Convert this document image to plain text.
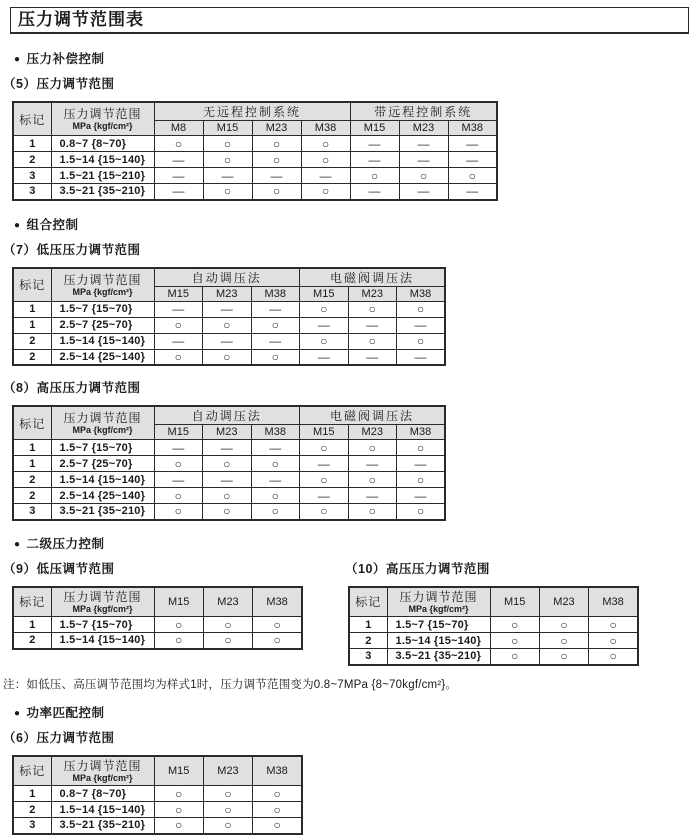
压力调节范围表
● 压力补偿控制
（5）压力调节范围
标记	压力调节范围
MPa {kgf/cm²}	无远程控制系统				带远程控制系统		
		M8	M15	M23	M38	M15	M23	M38
1	0.8~7 {8~70}	○	○	○	○	—	—	—
2	1.5~14 {15~140}	—	○	○	○	—	—	—
3	1.5~21 {15~210}	—	—	—	—	○	○	○
3	3.5~21 {35~210}	—	○	○	○	—	—	—
● 组合控制
（7）低压压力调节范围
标记	压力调节范围
MPa {kgf/cm²}	自动调压法			电磁阀调压法		
		M15	M23	M38	M15	M23	M38
1	1.5~7 {15~70}	—	—	—	○	○	○
1	2.5~7 {25~70}	○	○	○	—	—	—
2	1.5~14 {15~140}	—	—	—	○	○	○
2	2.5~14 {25~140}	○	○	○	—	—	—
（8）高压压力调节范围
标记	压力调节范围
MPa {kgf/cm²}	自动调压法			电磁阀调压法		
		M15	M23	M38	M15	M23	M38
1	1.5~7 {15~70}	—	—	—	○	○	○
1	2.5~7 {25~70}	○	○	○	—	—	—
2	1.5~14 {15~140}	—	—	—	○	○	○
2	2.5~14 {25~140}	○	○	○	—	—	—
3	3.5~21 {35~210}	○	○	○	○	○	○
● 二级压力控制
（9）低压调节范围
标记	压力调节范围
MPa {kgf/cm²}	M15	M23	M38
1	1.5~7 {15~70}	○	○	○
2	1.5~14 {15~140}	○	○	○
（10）高压压力调节范围
标记	压力调节范围
MPa {kgf/cm²}	M15	M23	M38
1	1.5~7 {15~70}	○	○	○
2	1.5~14 {15~140}	○	○	○
3	3.5~21 {35~210}	○	○	○
注：如低压、高压调节范围均为样式1时，压力调节范围变为0.8~7MPa {8~70kgf/cm²}。
● 功率匹配控制
（6）压力调节范围
标记	压力调节范围
MPa {kgf/cm²}	M15	M23	M38
1	0.8~7 {8~70}	○	○	○
2	1.5~14 {15~140}	○	○	○
3	3.5~21 {35~210}	○	○	○
